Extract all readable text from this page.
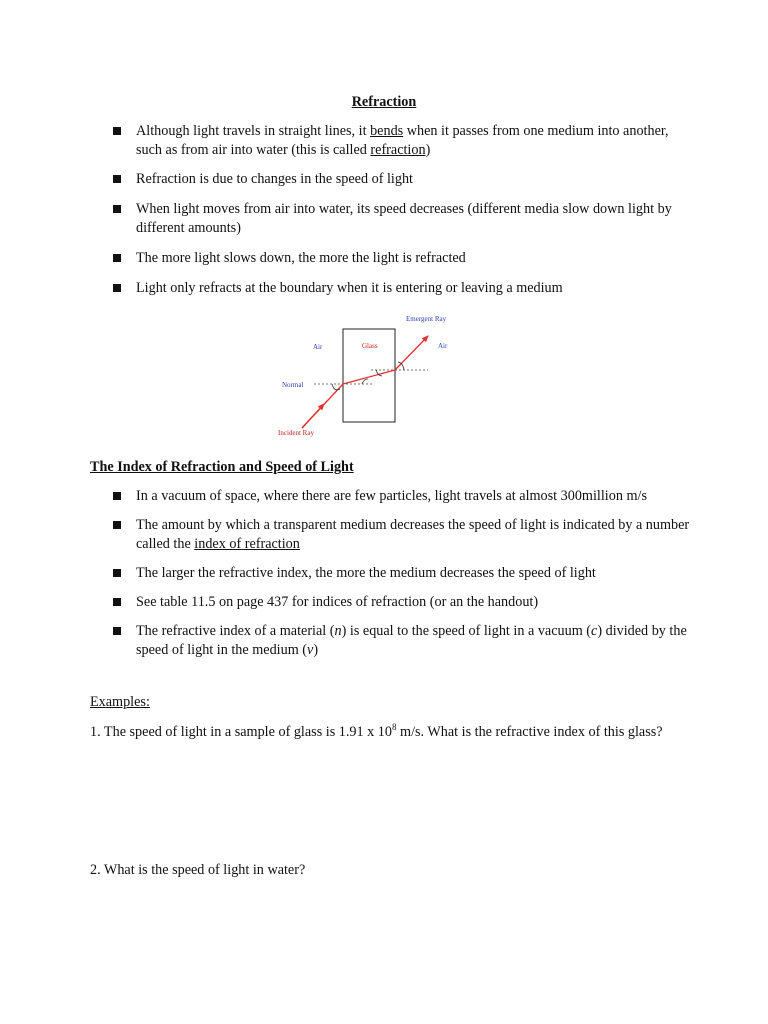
Refraction
Although light travels in straight lines, it bends when it passes from one medium into another, such as from air into water (this is called refraction)
Refraction is due to changes in the speed of light
When light moves from air into water, its speed decreases (different media slow down light by different amounts)
The more light slows down, the more the light is refracted
Light only refracts at the boundary when it is entering or leaving a medium
Emergent Ray
Air	Glass	Air
Normal
Incident Ray
The Index of Refraction and Speed of Light
In a vacuum of space, where there are few particles, light travels at almost 300million m/s
The amount by which a transparent medium decreases the speed of light is indicated by a number called the index of refraction
The larger the refractive index, the more the medium decreases the speed of light
See table 11.5 on page 437 for indices of refraction (or an the handout)
The refractive index of a material (n) is equal to the speed of light in a vacuum (c) divided by the speed of light in the medium (v)
Examples:
1. The speed of light in a sample of glass is 1.91 x $10^8$ m/s. What is the refractive index of this glass?
2. What is the speed of light in water?
